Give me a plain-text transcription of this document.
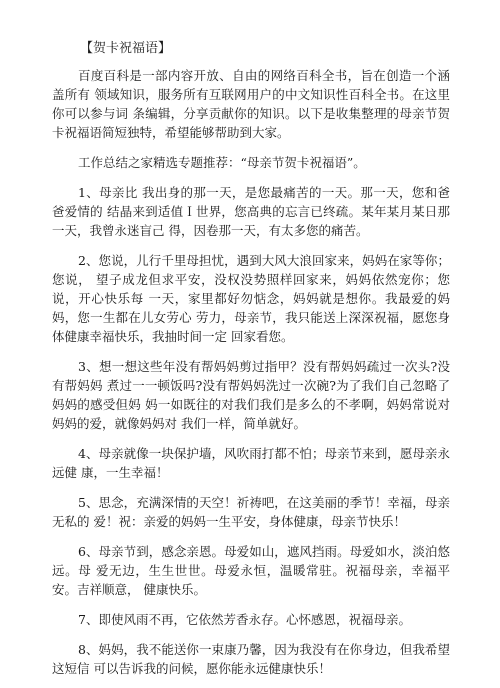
【贺卡祝福语】

百度百科是一部内容开放、自由的网络百科全书，旨在创造一个涵盖所有 领域知识，服务所有互联网用户的中文知识性百科全书。在这里你可以参与词 条编辑，分享贡献你的知识。以下是收集整理的母亲节贺卡祝福语简短独特，希望能够帮助到大家。

工作总结之家精选专题推荐：“母亲节贺卡祝福语”。

1、母亲比 我出身的那一天，是您最痛苦的一天。那一天，您和爸爸爱情的 结晶来到适值Ｉ世界，您高典的忘言已终疏。某年某月某日那一天，我曾永迷盲己 得，因卷那一天，有太多您的痛苦。

2、您说，儿行千里母担忧，遇到大风大浪回家来，妈妈在家等你；您说， 望子成龙但求平安，没权没势照样回家来，妈妈依然宠你；您说，开心快乐每 一天，家里都好勿惦念，妈妈就是想你。我最爱的妈妈，您一生都在儿女劳心 劳力，母亲节，我只能送上深深祝福，愿您身体健康幸福快乐，我抽时间一定 回家看您。

3、想一想这些年没有帮妈妈剪过指甲？没有帮妈妈疏过一次头?没有帮妈妈 煮过一一顿饭吗?没有帮妈妈洗过一次碗?为了我们自己忽略了妈妈的感受但妈 妈一如既往的对我们我们是多么的不孝啊，妈妈常说对妈妈的爱，就像妈妈对 我们一样，简单就好。

4、母亲就像一块保护墙，风吹雨打都不怕；母亲节来到，愿母亲永远健 康，一生幸福！

5、思念，充满深情的天空！祈祷吧，在这美丽的季节！幸福，母亲无私的 爱！祝：亲爱的妈妈一生平安，身体健康，母亲节快乐！

6、母亲节到，感念亲恩。母爱如山，遮风挡雨。母爱如水，淡泊悠远。母 爱无边，生生世世。母爱永恒，温暖常驻。祝福母亲，幸福平安。吉祥顺意， 健康快乐。

7、即使风雨不再，它依然芳香永存。心怀感恩，祝福母亲。

8、妈妈，我不能送你一束康乃馨，因为我没有在你身边，但我希望这短信 可以告诉我的问候，愿你能永远健康快乐！
